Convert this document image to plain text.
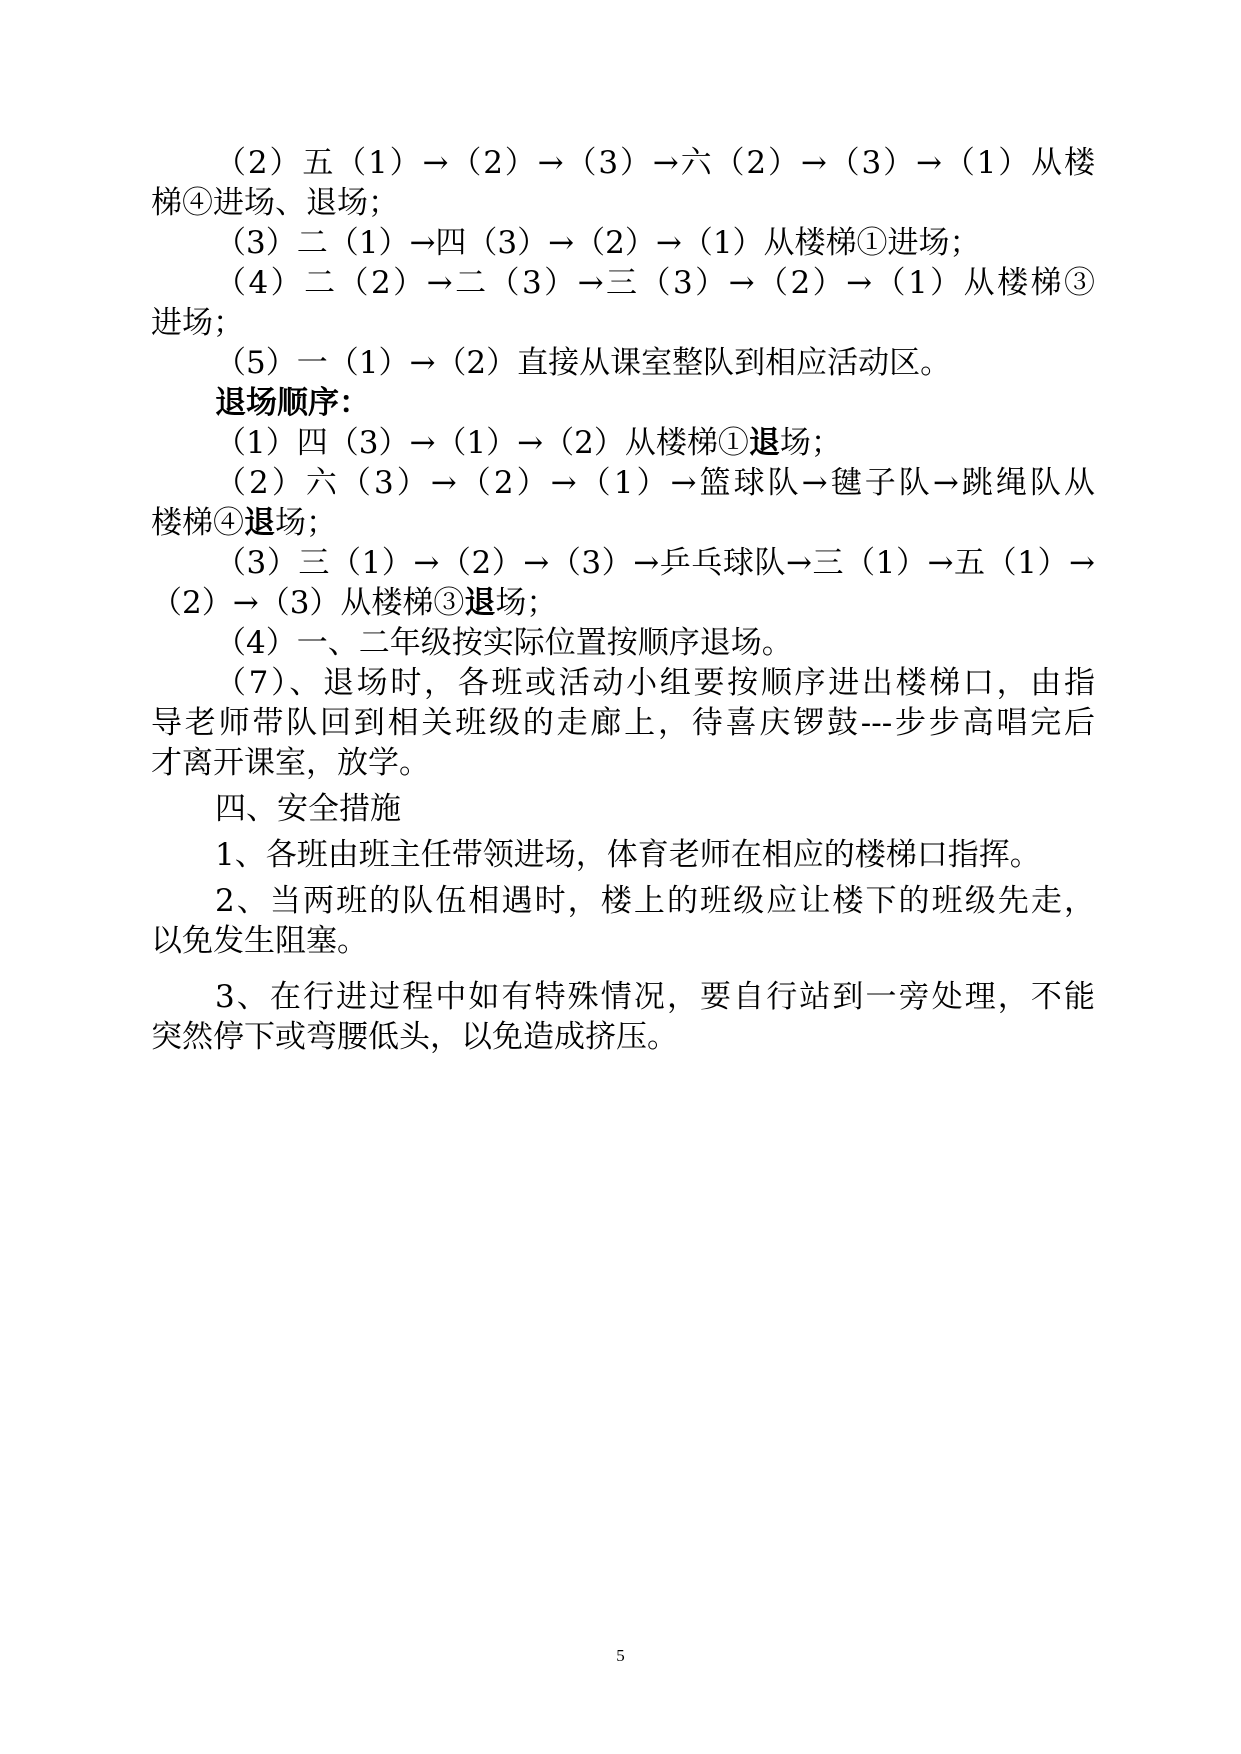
（2）五（1）→（2）→（3）→六（2）→（3）→（1）从楼
梯④进场、退场；
（3）二（1）→四（3）→（2）→（1）从楼梯①进场；
（4）二（2）→二（3）→三（3）→（2）→（1）从楼梯③
进场；
（5）一（1）→（2）直接从课室整队到相应活动区。
退场顺序：
（1）四（3）→（1）→（2）从楼梯①退场；
（2）六（3）→（2）→（1）→篮球队→毽子队→跳绳队从
楼梯④退场；
（3）三（1）→（2）→（3）→乒乓球队→三（1）→五（1）→
（2）→（3）从楼梯③退场；
（4）一、二年级按实际位置按顺序退场。
（7）、退场时，各班或活动小组要按顺序进出楼梯口，由指
导老师带队回到相关班级的走廊上，待喜庆锣鼓---步步高唱完后
才离开课室，放学。
四、安全措施
1、各班由班主任带领进场，体育老师在相应的楼梯口指挥。
2、当两班的队伍相遇时，楼上的班级应让楼下的班级先走，
以免发生阻塞。
3、在行进过程中如有特殊情况，要自行站到一旁处理，不能
突然停下或弯腰低头，以免造成挤压。
5
